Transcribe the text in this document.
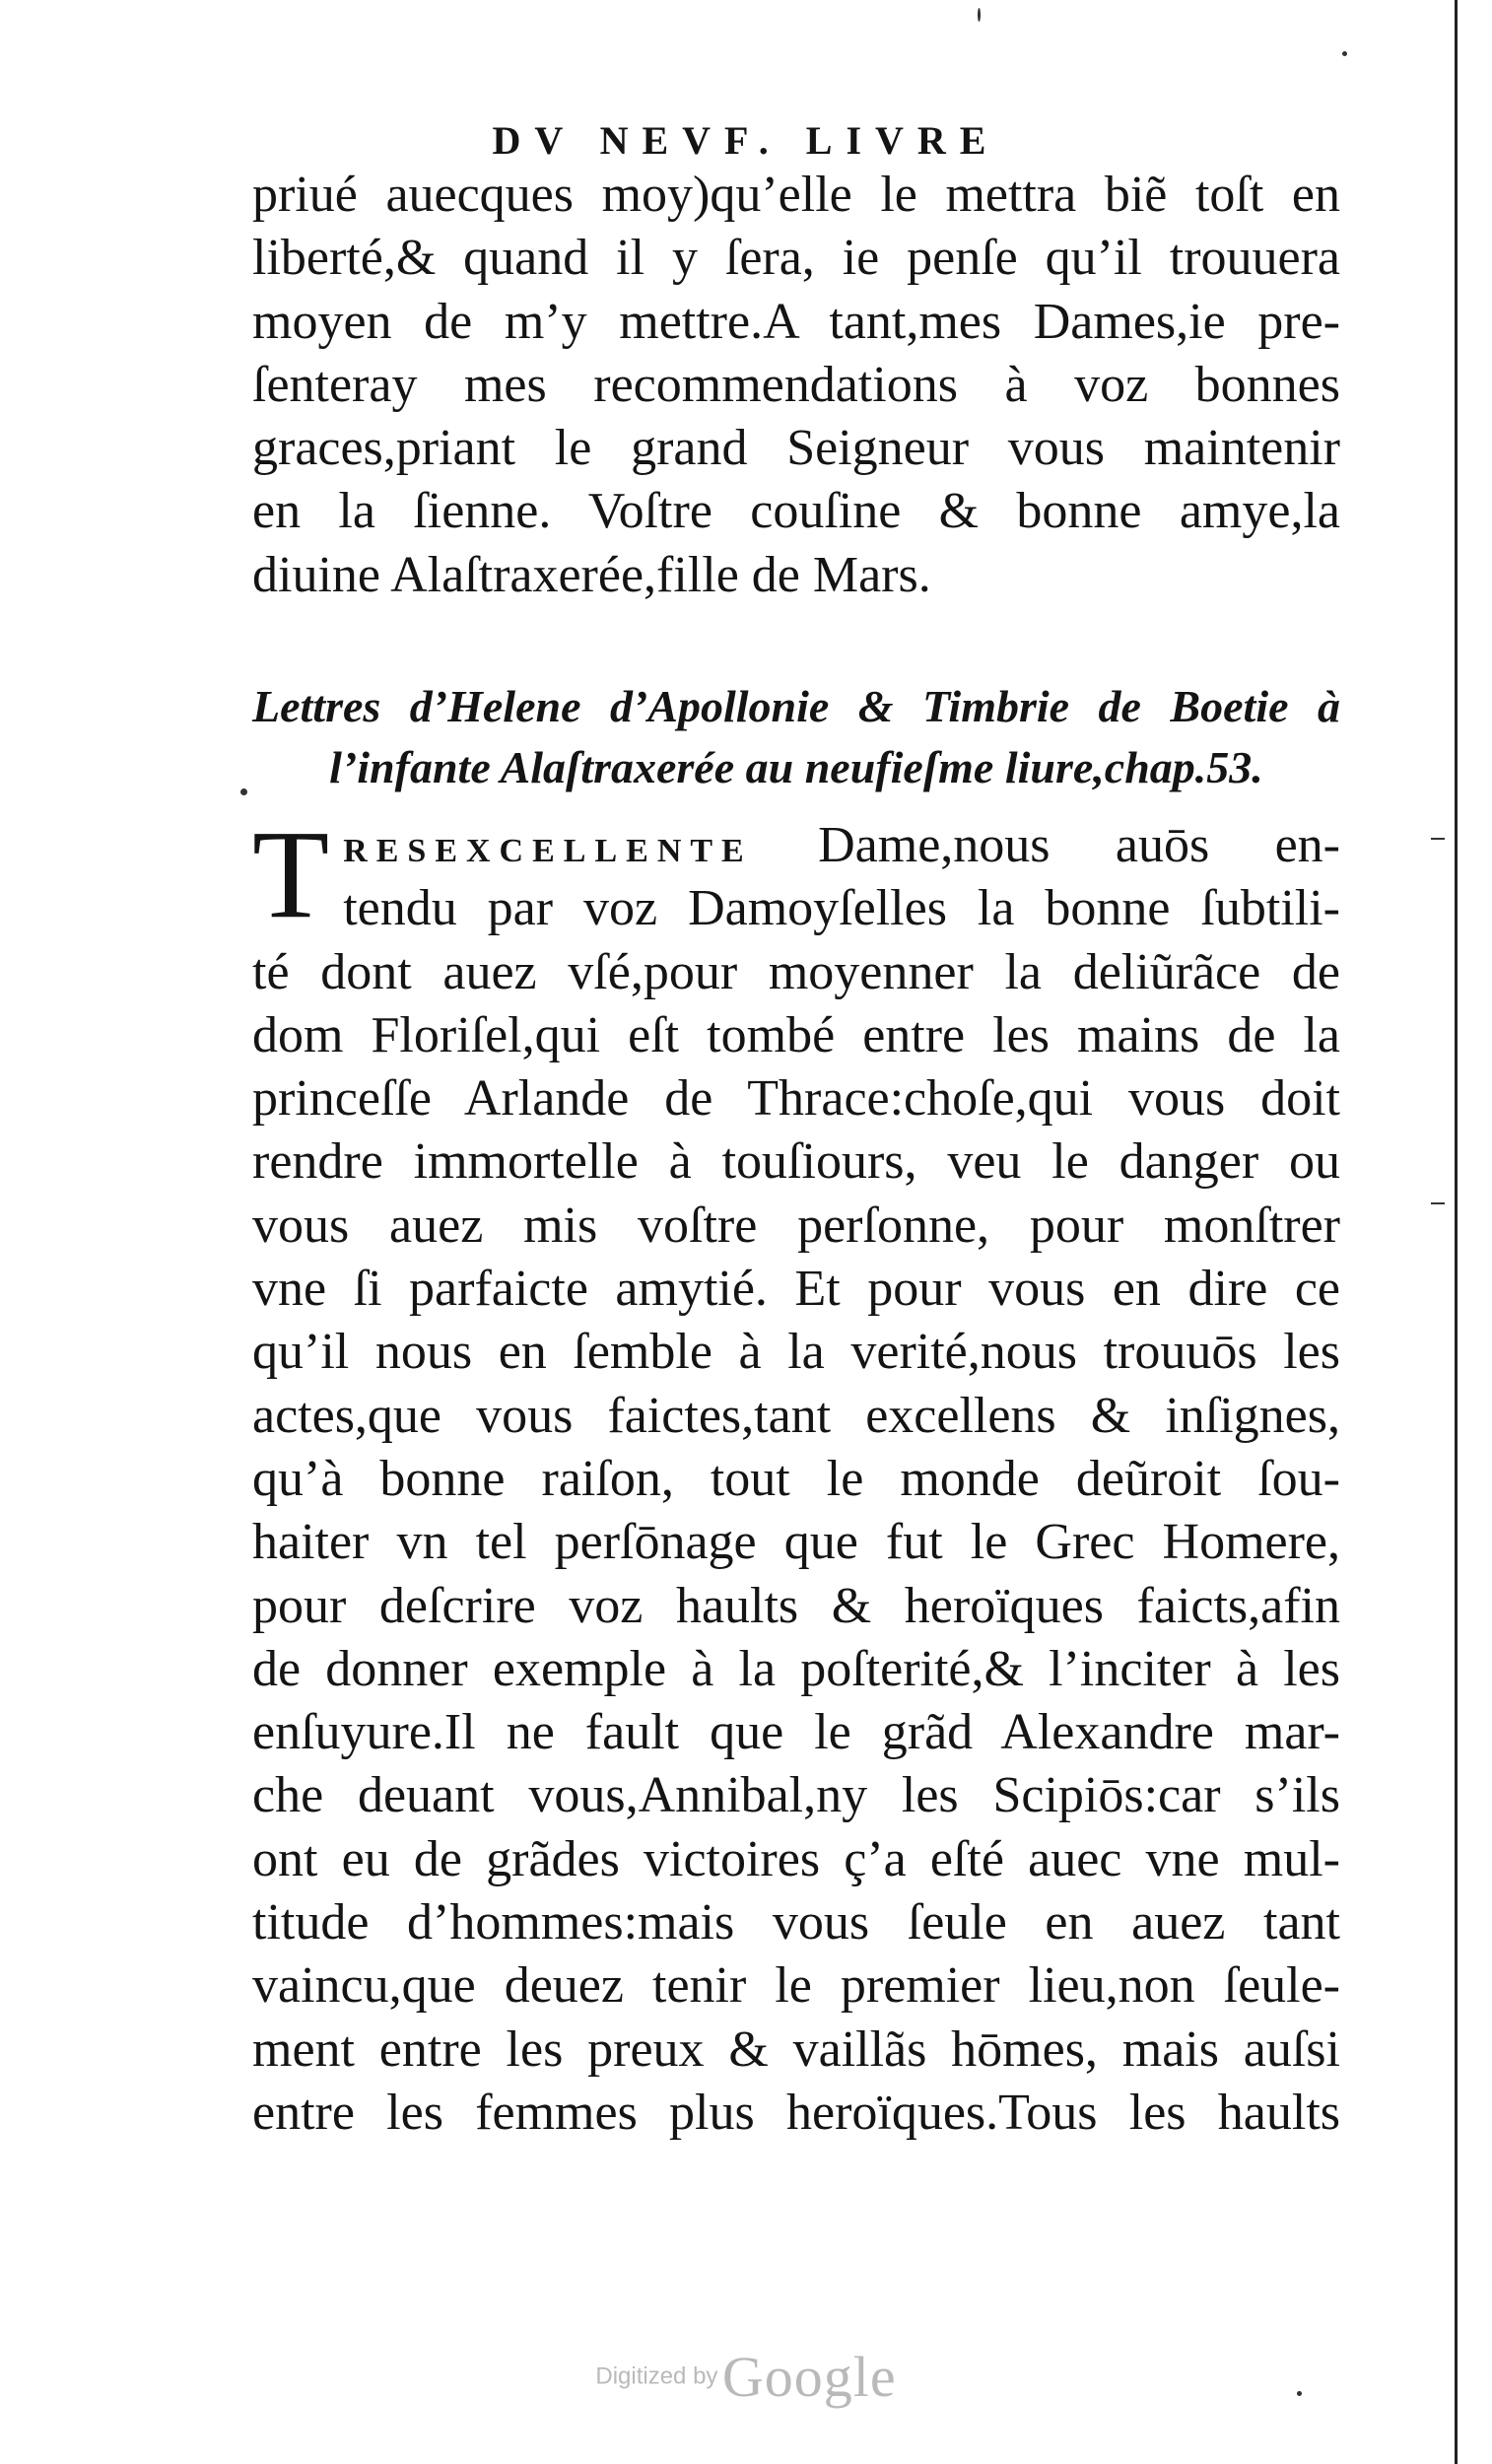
DV NEVF. LIVRE
priué auecques moy)qu’elle le mettra biẽ toſt en
liberté,& quand il y ſera, ie penſe qu’il trouuera
moyen de m’y mettre.A tant,mes Dames,ie pre-
ſenteray mes recommendations à voz bonnes
graces,priant le grand Seigneur vous maintenir
en la ſienne. Voſtre couſine & bonne amye,la
diuine Alaſtraxerée,fille de Mars.
Lettres d’Helene d’Apollonie & Timbrie de Boetie à
l’infante Alaſtraxerée au neufieſme liure,chap.53.
T RESEXCELLENTE Dame,nous auōs en-
tendu par voz Damoyſelles la bonne ſubtili-
té dont auez vſé,pour moyenner la deliũrãce de
dom Floriſel,qui eſt tombé entre les mains de la
princeſſe Arlande de Thrace:choſe,qui vous doit
rendre immortelle à touſiours, veu le danger ou
vous auez mis voſtre perſonne, pour monſtrer
vne ſi parfaicte amytié. Et pour vous en dire ce
qu’il nous en ſemble à la verité,nous trouuōs les
actes,que vous faictes,tant excellens & inſignes,
qu’à bonne raiſon, tout le monde deũroit ſou-
haiter vn tel perſōnage que fut le Grec Homere,
pour deſcrire voz haults & heroïques faicts,afin
de donner exemple à la poſterité,& l’inciter à les
enſuyure.Il ne fault que le grãd Alexandre mar-
che deuant vous,Annibal,ny les Scipiōs:car s’ils
ont eu de grãdes victoires ç’a eſté auec vne mul-
titude d’hommes:mais vous ſeule en auez tant
vaincu,que deuez tenir le premier lieu,non ſeule-
ment entre les preux & vaillãs hōmes, mais auſsi
entre les femmes plus heroïques.Tous les haults
Digitized by Google
